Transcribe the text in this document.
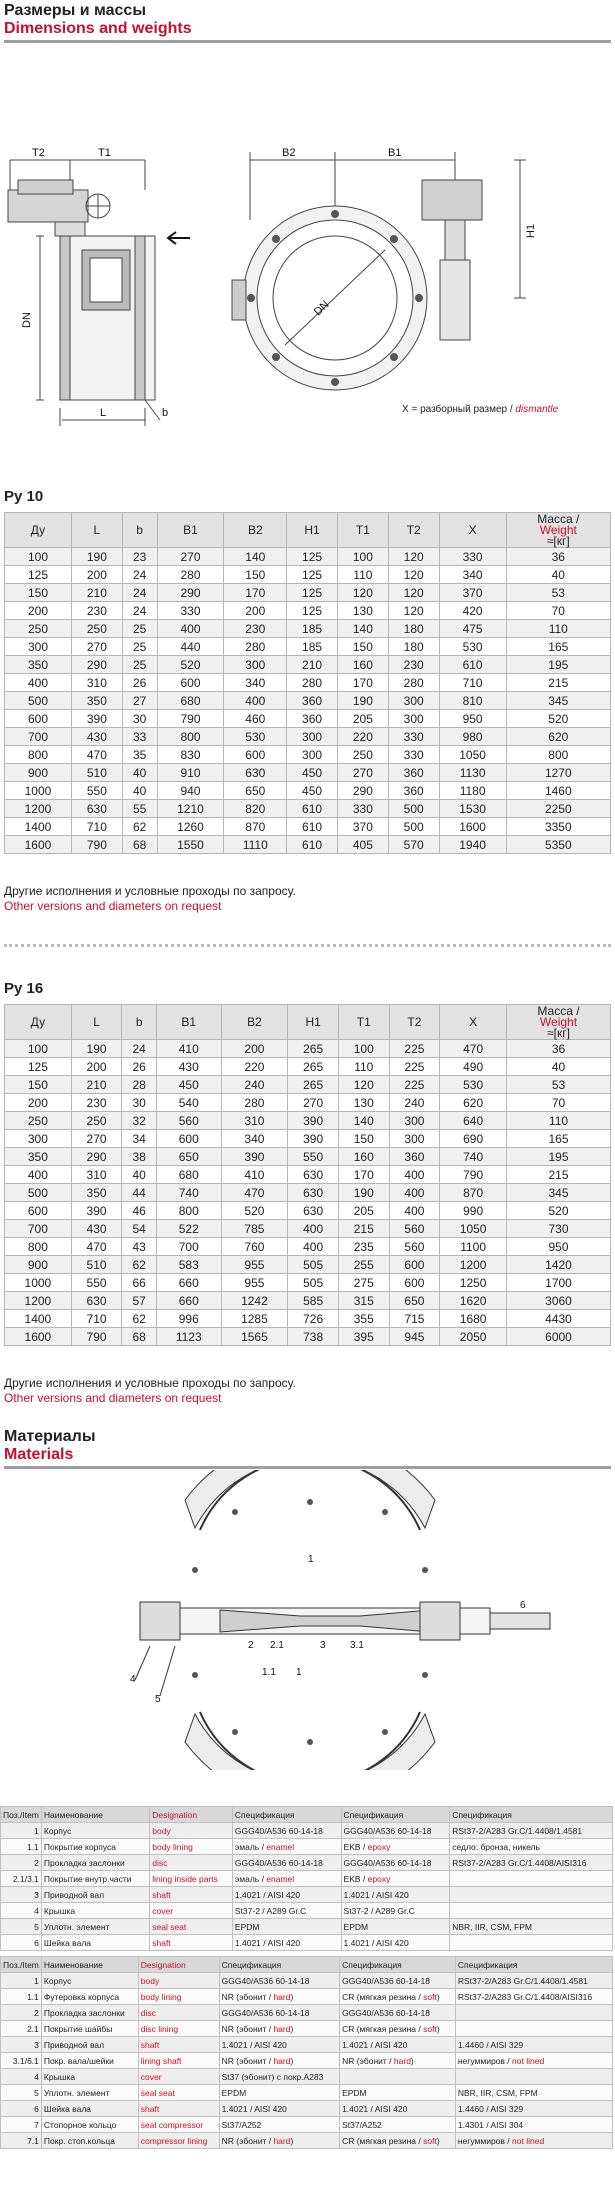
Размеры и массы
Dimensions and weights
T2	T1
DN
L	b
B2	B1
H1
DN
X = разборный размер / dismantle
Ру 10
Ду	L	b	B1	B2	H1	T1	T2	X	Масса /
Weight
≈[кг]
100	190	23	270	140	125	100	120	330	36
125	200	24	280	150	125	110	120	340	40
150	210	24	290	170	125	120	120	370	53
200	230	24	330	200	125	130	120	420	70
250	250	25	400	230	185	140	180	475	110
300	270	25	440	280	185	150	180	530	165
350	290	25	520	300	210	160	230	610	195
400	310	26	600	340	280	170	280	710	215
500	350	27	680	400	360	190	300	810	345
600	390	30	790	460	360	205	300	950	520
700	430	33	800	530	300	220	330	980	620
800	470	35	830	600	300	250	330	1050	800
900	510	40	910	630	450	270	360	1130	1270
1000	550	40	940	650	450	290	360	1180	1460
1200	630	55	1210	820	610	330	500	1530	2250
1400	710	62	1260	870	610	370	500	1600	3350
1600	790	68	1550	1110	610	405	570	1940	5350
Другие исполнения и условные проходы по запросу.
Other versions and diameters on request
Ру 16
Ду	L	b	B1	B2	H1	T1	T2	X	Масса /
Weight
≈[кг]
100	190	24	410	200	265	100	225	470	36
125	200	26	430	220	265	110	225	490	40
150	210	28	450	240	265	120	225	530	53
200	230	30	540	280	270	130	240	620	70
250	250	32	560	310	390	140	300	640	110
300	270	34	600	340	390	150	300	690	165
350	290	38	650	390	550	160	360	740	195
400	310	40	680	410	630	170	400	790	215
500	350	44	740	470	630	190	400	870	345
600	390	46	800	520	630	205	400	990	520
700	430	54	522	785	400	215	560	1050	730
800	470	43	700	760	400	235	560	1100	950
900	510	62	583	955	505	255	600	1200	1420
1000	550	66	660	955	505	275	600	1250	1700
1200	630	57	660	1242	585	315	650	1620	3060
1400	710	62	996	1285	726	355	715	1680	4430
1600	790	68	1123	1565	738	395	945	2050	6000
Другие исполнения и условные проходы по запросу.
Other versions and diameters on request
Материалы
Materials
4
5
2 2.1	3 3.1
1.1 1
1
6
Поз./Item	Наименование	Designation	Спецификация	Спецификация	Спецификация
1	Корпус	body	GGG40/A536 60-14-18	GGG40/A536 60-14-18	RSt37-2/A283 Gr.C/1.4408/1.4581
1.1	Покрытие корпуса	body lining	эмаль / enamel	EKB / epoxy	седло: бронза, никель
2	Прокладка заслонки	disc	GGG40/A536 60-14-18	GGG40/A536 60-14-18	RSt37-2/A283 Gr.C/1.4408/AISI316
2.1/3.1	Покрытие внутр.части	lining inside parts	эмаль / enamel	EKB / epoxy	
3	Приводной вал	shaft	1.4021 / AISI 420	1.4021 / AISI 420	
4	Крышка	cover	St37-2 / A289 Gr.C	St37-2 / A289 Gr.C	
5	Уплотн. элемент	seal seat	EPDM	EPDM	NBR, IIR, CSM, FPM
6	Шейка вала	shaft	1.4021 / AISI 420	1.4021 / AISI 420	
Поз./Item	Наименование	Designation	Спецификация	Спецификация	Спецификация
1	Корпус	body	GGG40/A536 60-14-18	GGG40/A536 60-14-18	RSt37-2/A283 Gr.C/1.4408/1.4581
1.1	Футеровка корпуса	body lining	NR (эбонит / hard)	CR (мягкая резина / soft)	RSt37-2/A283 Gr.C/1.4408/AISI316
2	Прокладка заслонки	disc	GGG40/A536 60-14-18	GGG40/A536 60-14-18	
2.1	Покрытие шайбы	disc lining	NR (эбонит / hard)	CR (мягкая резина / soft)	
3	Приводной вал	shaft	1.4021 / AISI 420	1.4021 / AISI 420	1.4460 / AISI 329
3.1/6.1	Покр. вала/шейки	lining shaft	NR (эбонит / hard)	NR (эбонит / hard)	негуммиров / not lined
4	Крышка	cover	St37 (эбонит) с покр.A283		
5	Уплотн. элемент	seal seat	EPDM	EPDM	NBR, IIR, CSM, FPM
6	Шейка вала	shaft	1.4021 / AISI 420	1.4021 / AISI 420	1.4460 / AISI 329
7	Стопорное кольцо	seal compressor	St37/A252	St37/A252	1.4301 / AISI 304
7.1	Покр. стоп.кольца	compressor lining	NR (эбонит / hard)	CR (мягкая резина / soft)	негуммиров / not lined
